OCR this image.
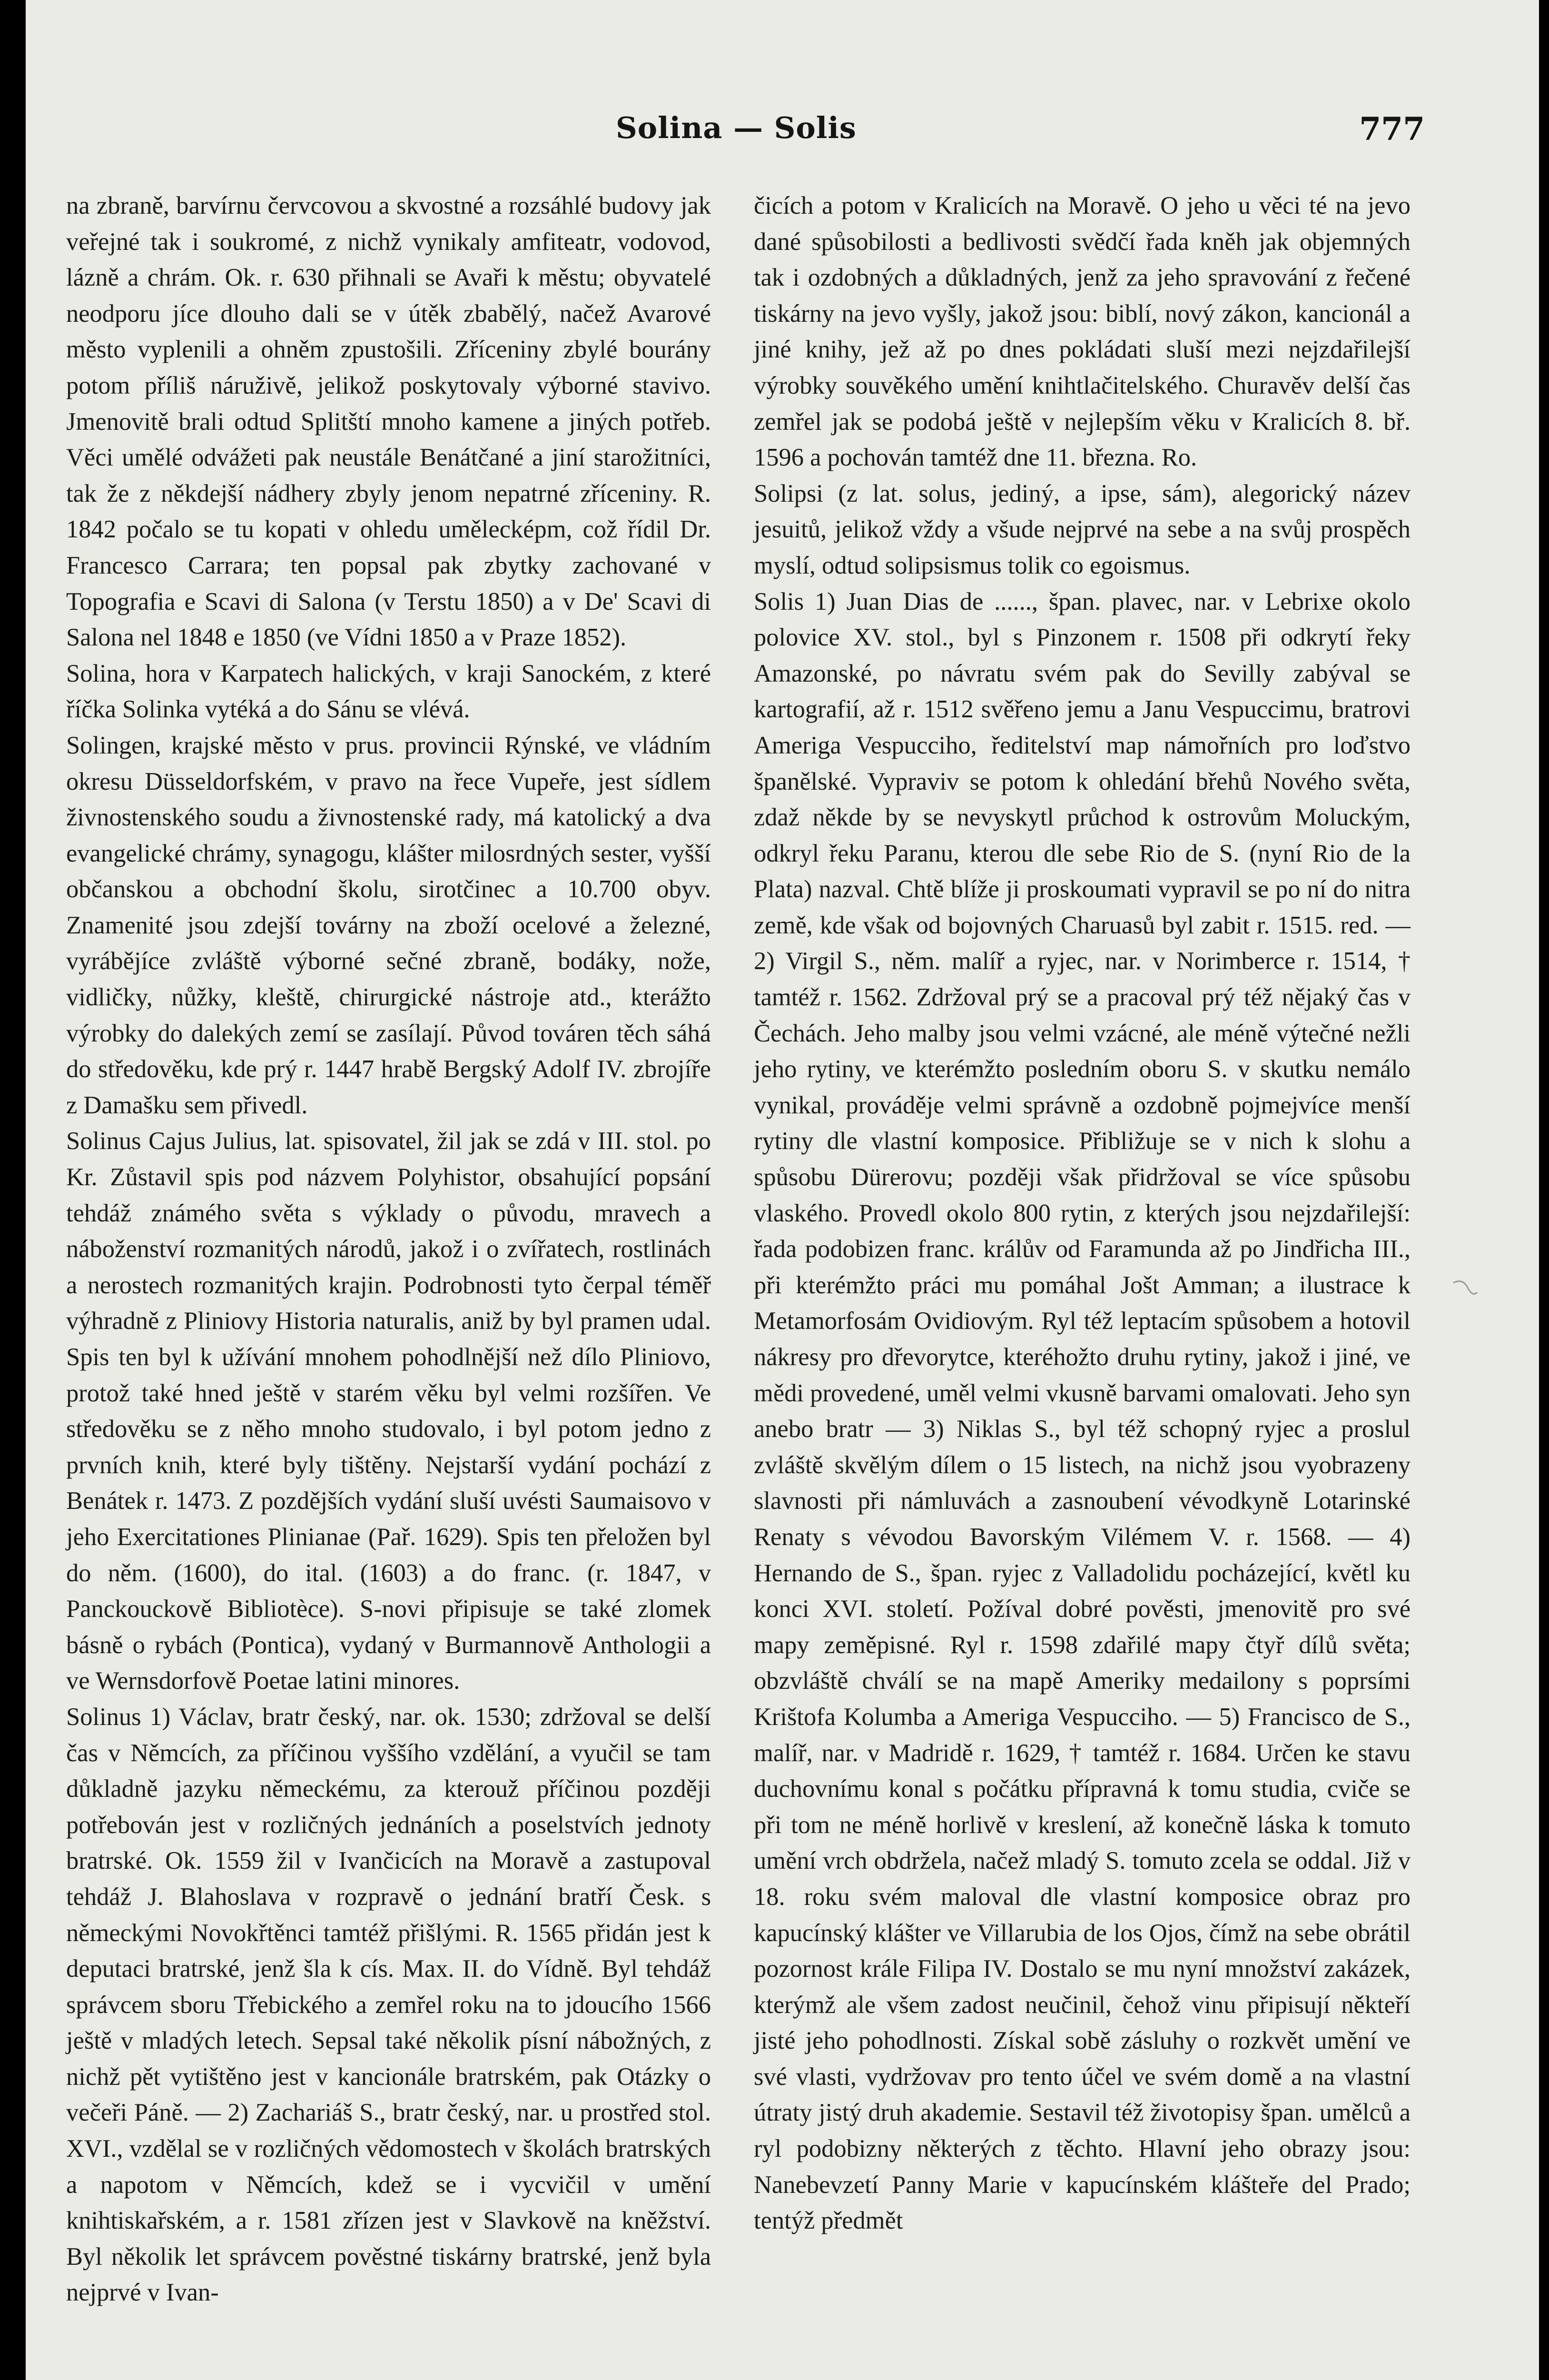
Solina — Solis	777

na zbraně, barvírnu červcovou a skvostné a rozsáhlé budovy jak veřejné tak i soukromé, z nichž vynikaly amfiteatr, vodovod, lázně a chrám. Ok. r. 630 přihnali se Avaři k městu; obyvatelé neodporu jíce dlouho dali se v útěk zbabělý, načež Avarové město vyplenili a ohněm zpustošili. Zříceniny zbylé bourány potom příliš náruživě, jelikož poskytovaly výborné stavivo. Jmenovitě brali odtud Splitští mnoho kamene a jiných potřeb. Věci umělé odvážeti pak neustále Benátčané a jiní starožitníci, tak že z někdejší nádhery zbyly jenom nepatrné zříceniny. R. 1842 počalo se tu kopati v ohledu umělecképm, což řídil Dr. Francesco Carrara; ten popsal pak zbytky zachované v Topografia e Scavi di Salona (v Terstu 1850) a v De' Scavi di Salona nel 1848 e 1850 (ve Vídni 1850 a v Praze 1852).

Solina, hora v Karpatech halických, v kraji Sanockém, z které říčka Solinka vytéká a do Sánu se vlévá.

Solingen, krajské město v prus. provincii Rýnské, ve vládním okresu Düsseldorfském, v pravo na řece Vupeře, jest sídlem živnostenského soudu a živnostenské rady, má katolický a dva evangelické chrámy, synagogu, klášter milosrdných sester, vyšší občanskou a obchodní školu, sirotčinec a 10.700 obyv. Znamenité jsou zdejší továrny na zboží ocelové a železné, vyrábějíce zvláště výborné sečné zbraně, bodáky, nože, vidličky, nůžky, kleště, chirurgické nástroje atd., kterážto výrobky do dalekých zemí se zasílají. Původ továren těch sáhá do středověku, kde prý r. 1447 hrabě Bergský Adolf IV. zbrojíře z Damašku sem přivedl.

Solinus Cajus Julius, lat. spisovatel, žil jak se zdá v III. stol. po Kr. Zůstavil spis pod názvem Polyhistor, obsahující popsání tehdáž známého světa s výklady o původu, mravech a náboženství rozmanitých národů, jakož i o zvířatech, rostlinách a nerostech rozmanitých krajin. Podrobnosti tyto čerpal téměř výhradně z Pliniovy Historia naturalis, aniž by byl pramen udal. Spis ten byl k užívání mnohem pohodlnější než dílo Pliniovo, protož také hned ještě v starém věku byl velmi rozšířen. Ve středověku se z něho mnoho studovalo, i byl potom jedno z prvních knih, které byly tištěny. Nejstarší vydání pochází z Benátek r. 1473. Z pozdějších vydání sluší uvésti Saumaisovo v jeho Exercitationes Plinianae (Pař. 1629). Spis ten přeložen byl do něm. (1600), do ital. (1603) a do franc. (r. 1847, v Panckouckově Bibliotèce). S-novi připisuje se také zlomek básně o rybách (Pontica), vydaný v Burmannově Anthologii a ve Wernsdorfově Poetae latini minores.

Solinus 1) Václav, bratr český, nar. ok. 1530; zdržoval se delší čas v Němcích, za příčinou vyššího vzdělání, a vyučil se tam důkladně jazyku německému, za kterouž příčinou později potřebován jest v rozličných jednáních a poselstvích jednoty bratrské. Ok. 1559 žil v Ivančicích na Moravě a zastupoval tehdáž J. Blahoslava v rozpravě o jednání bratří Česk. s německými Novokřtěnci tamtéž přišlými. R. 1565 přidán jest k deputaci bratrské, jenž šla k cís. Max. II. do Vídně. Byl tehdáž správcem sboru Třebického a zemřel roku na to jdoucího 1566 ještě v mladých letech. Sepsal také několik písní nábožných, z nichž pět vytištěno jest v kancionále bratrském, pak Otázky o večeři Páně. — 2) Zachariáš S., bratr český, nar. u prostřed stol. XVI., vzdělal se v rozličných vědomostech v školách bratrských a napotom v Němcích, kdež se i vycvičil v umění knihtiskařském, a r. 1581 zřízen jest v Slavkově na kněžství. Byl několik let správcem pověstné tiskárny bratrské, jenž byla nejprvé v Ivan-

čicích a potom v Kralicích na Moravě. O jeho u věci té na jevo dané spůsobilosti a bedlivosti svědčí řada kněh jak objemných tak i ozdobných a důkladných, jenž za jeho spravování z řečené tiskárny na jevo vyšly, jakož jsou: biblí, nový zákon, kancionál a jiné knihy, jež až po dnes pokládati sluší mezi nejzdařilejší výrobky souvěkého umění knihtlačitelského. Churavěv delší čas zemřel jak se podobá ještě v nejlepším věku v Kralicích 8. bř. 1596 a pochován tamtéž dne 11. března. Ro.

Solipsi (z lat. solus, jediný, a ipse, sám), alegorický název jesuitů, jelikož vždy a všude nejprvé na sebe a na svůj prospěch myslí, odtud solipsismus tolik co egoismus.

Solis 1) Juan Dias de ......, špan. plavec, nar. v Lebrixe okolo polovice XV. stol., byl s Pinzonem r. 1508 při odkrytí řeky Amazonské, po návratu svém pak do Sevilly zabýval se kartografií, až r. 1512 svěřeno jemu a Janu Vespuccimu, bratrovi Ameriga Vespucciho, ředitelství map námořních pro loďstvo španělské. Vypraviv se potom k ohledání břehů Nového světa, zdaž někde by se nevyskytl průchod k ostrovům Moluckým, odkryl řeku Paranu, kterou dle sebe Rio de S. (nyní Rio de la Plata) nazval. Chtě blíže ji proskoumati vypravil se po ní do nitra země, kde však od bojovných Charuasů byl zabit r. 1515. red. — 2) Virgil S., něm. malíř a ryjec, nar. v Norimberce r. 1514, † tamtéž r. 1562. Zdržoval prý se a pracoval prý též nějaký čas v Čechách. Jeho malby jsou velmi vzácné, ale méně výtečné nežli jeho rytiny, ve kterémžto posledním oboru S. v skutku nemálo vynikal, prováděje velmi správně a ozdobně pojmejvíce menší rytiny dle vlastní komposice. Přibližuje se v nich k slohu a spůsobu Dürerovu; později však přidržoval se více spůsobu vlaského. Provedl okolo 800 rytin, z kterých jsou nejzdařilejší: řada podobizen franc. králův od Faramunda až po Jindřicha III., při kterémžto práci mu pomáhal Jošt Amman; a ilustrace k Metamorfosám Ovidiovým. Ryl též leptacím spůsobem a hotovil nákresy pro dřevorytce, kteréhožto druhu rytiny, jakož i jiné, ve mědi provedené, uměl velmi vkusně barvami omalovati. Jeho syn anebo bratr — 3) Niklas S., byl též schopný ryjec a proslul zvláště skvělým dílem o 15 listech, na nichž jsou vyobrazeny slavnosti při námluvách a zasnoubení vévodkyně Lotarinské Renaty s vévodou Bavorským Vilémem V. r. 1568. — 4) Hernando de S., špan. ryjec z Valladolidu pocházející, květl ku konci XVI. století. Požíval dobré pověsti, jmenovitě pro své mapy zeměpisné. Ryl r. 1598 zdařilé mapy čtyř dílů světa; obzvláště chválí se na mapě Ameriky medailony s poprsími Krištofa Kolumba a Ameriga Vespucciho. — 5) Francisco de S., malíř, nar. v Madridě r. 1629, † tamtéž r. 1684. Určen ke stavu duchovnímu konal s počátku přípravná k tomu studia, cviče se při tom ne méně horlivě v kreslení, až konečně láska k tomuto umění vrch obdržela, načež mladý S. tomuto zcela se oddal. Již v 18. roku svém maloval dle vlastní komposice obraz pro kapucínský klášter ve Villarubia de los Ojos, čímž na sebe obrátil pozornost krále Filipa IV. Dostalo se mu nyní množství zakázek, kterýmž ale všem zadost neučinil, čehož vinu připisují někteří jisté jeho pohodlnosti. Získal sobě zásluhy o rozkvět umění ve své vlasti, vydržovav pro tento účel ve svém domě a na vlastní útraty jistý druh akademie. Sestavil též životopisy špan. umělců a ryl podobizny některých z těchto. Hlavní jeho obrazy jsou: Nanebevzetí Panny Marie v kapucínském klášteře del Prado; tentýž předmět
